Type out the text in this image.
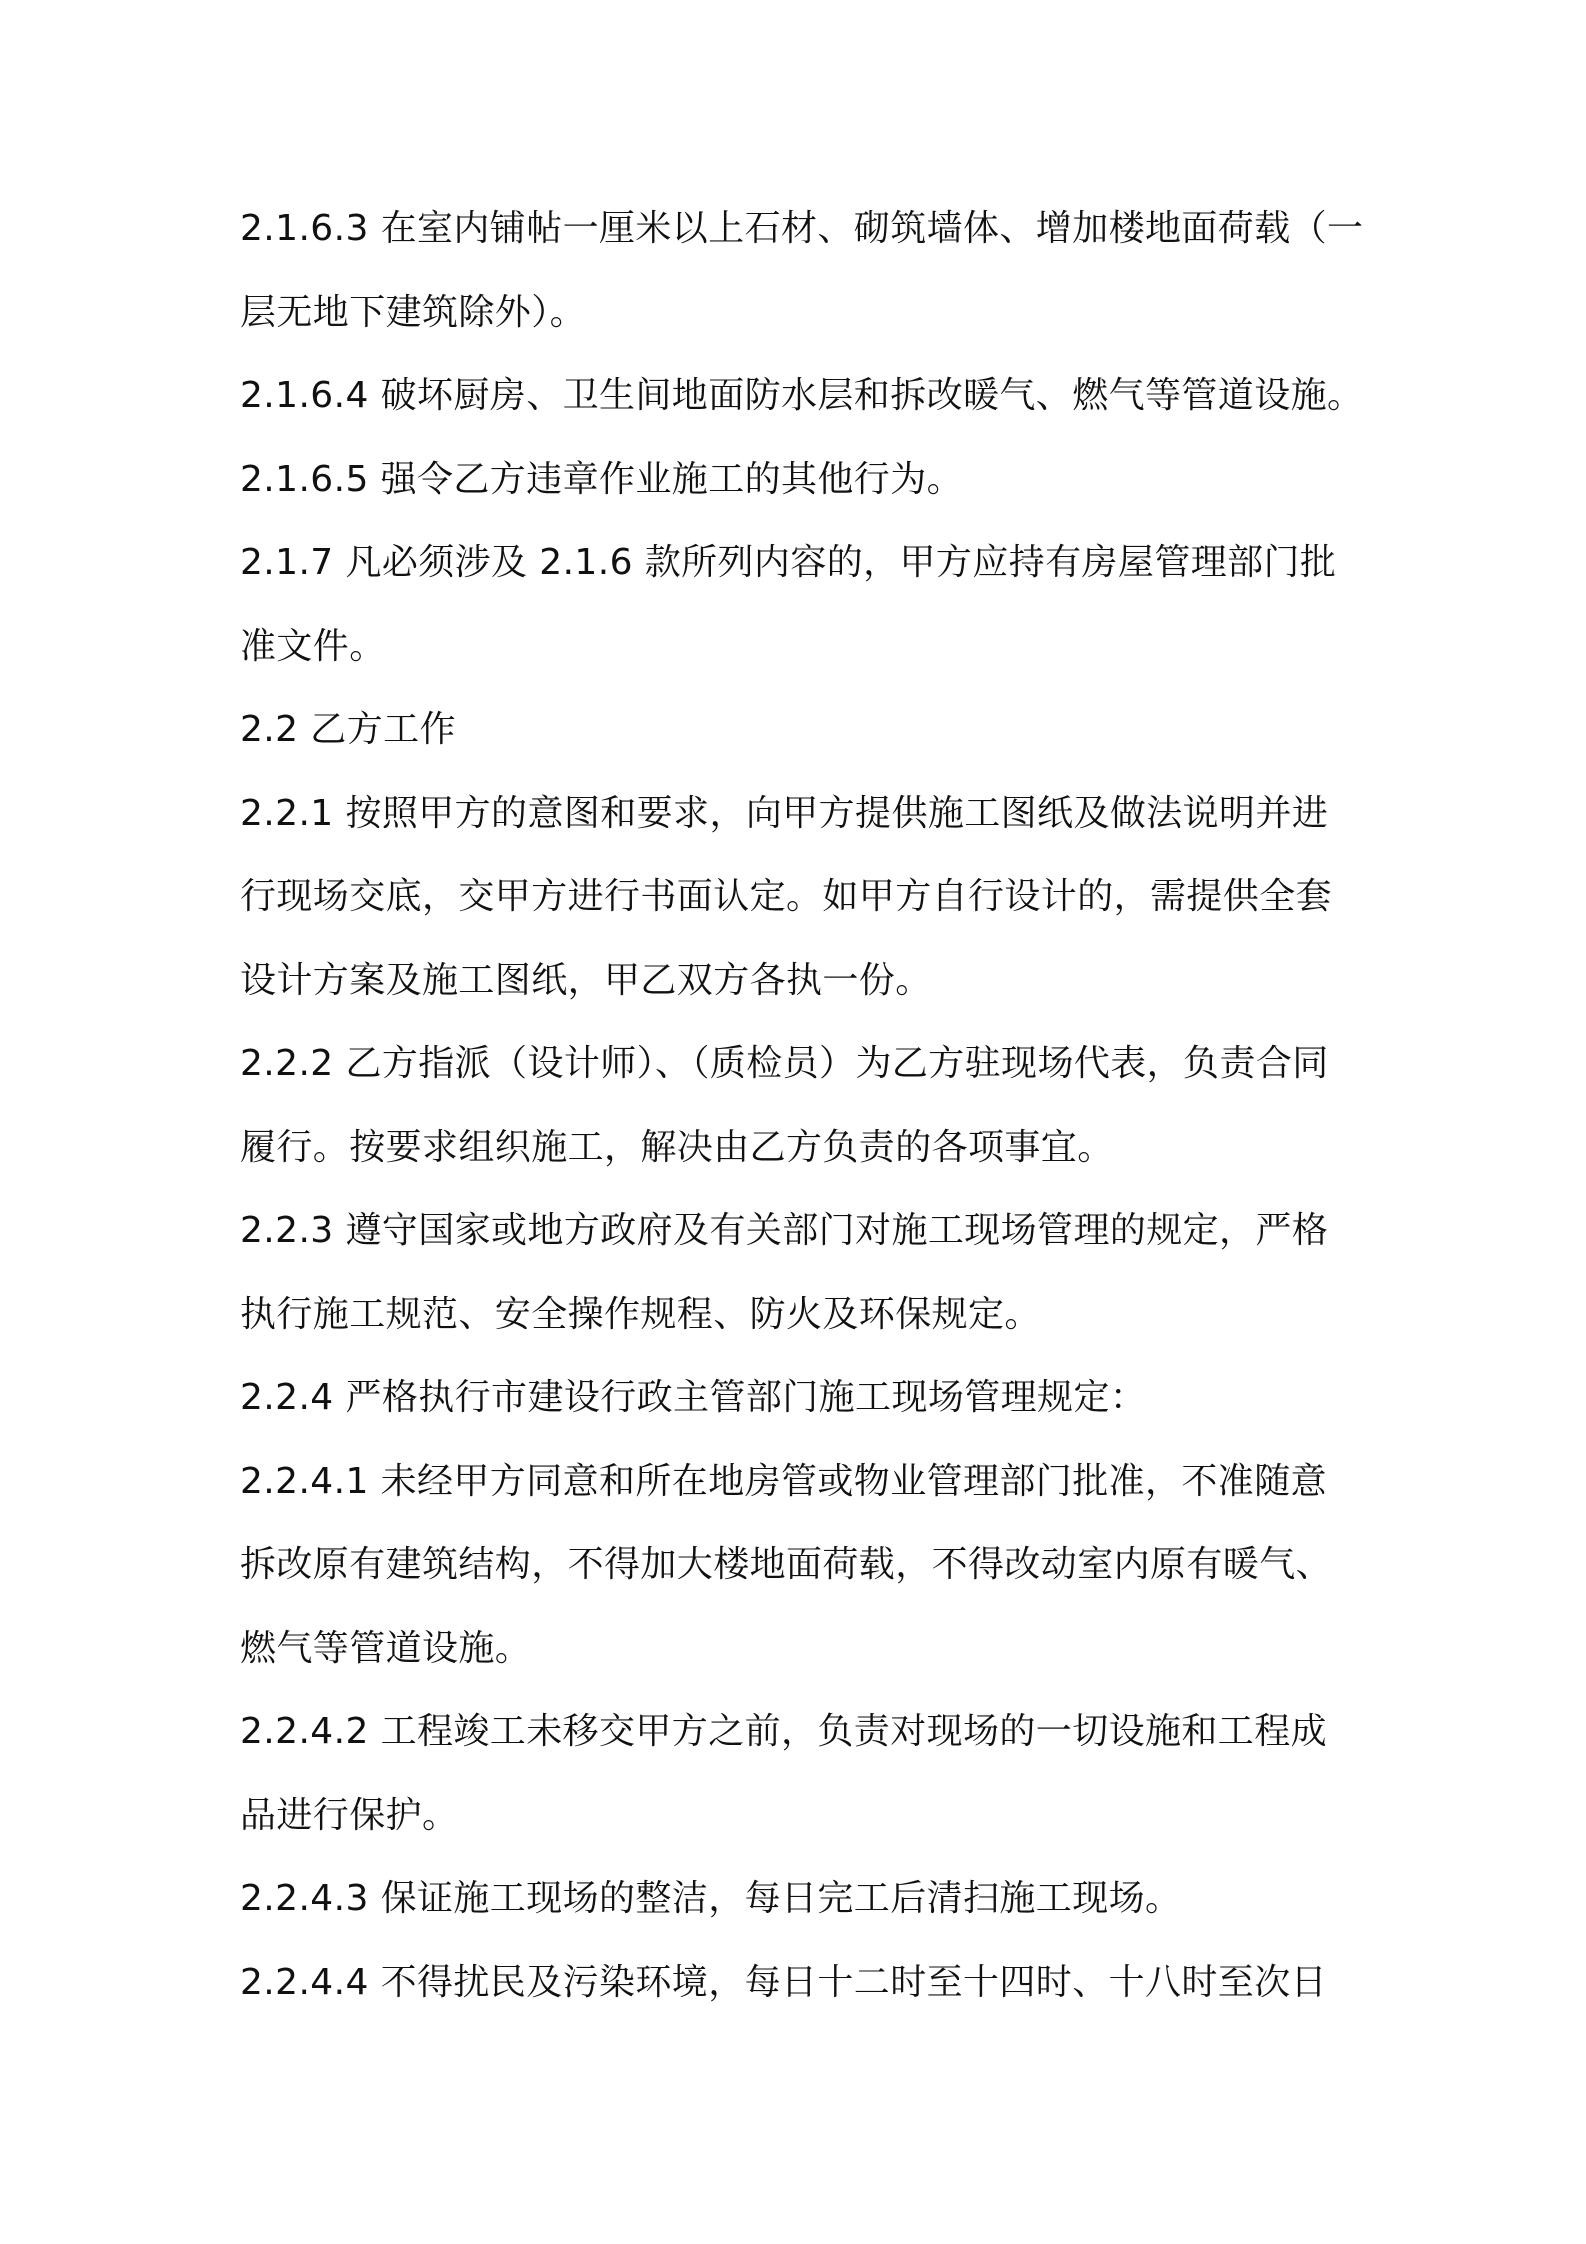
2.1.6.3 在室内铺帖一厘米以上石材、砌筑墙体、增加楼地面荷载（一
层无地下建筑除外）。
2.1.6.4 破坏厨房、卫生间地面防水层和拆改暖气、燃气等管道设施。
2.1.6.5 强令乙方违章作业施工的其他行为。
2.1.7 凡必须涉及 2.1.6 款所列内容的，甲方应持有房屋管理部门批
准文件。
2.2 乙方工作
2.2.1 按照甲方的意图和要求，向甲方提供施工图纸及做法说明并进
行现场交底，交甲方进行书面认定。如甲方自行设计的，需提供全套
设计方案及施工图纸，甲乙双方各执一份。
2.2.2 乙方指派（设计师）、（质检员）为乙方驻现场代表，负责合同
履行。按要求组织施工，解决由乙方负责的各项事宜。
2.2.3 遵守国家或地方政府及有关部门对施工现场管理的规定，严格
执行施工规范、安全操作规程、防火及环保规定。
2.2.4 严格执行市建设行政主管部门施工现场管理规定：
2.2.4.1 未经甲方同意和所在地房管或物业管理部门批准，不准随意
拆改原有建筑结构，不得加大楼地面荷载，不得改动室内原有暖气、
燃气等管道设施。
2.2.4.2 工程竣工未移交甲方之前，负责对现场的一切设施和工程成
品进行保护。
2.2.4.3 保证施工现场的整洁，每日完工后清扫施工现场。
2.2.4.4 不得扰民及污染环境，每日十二时至十四时、十八时至次日
